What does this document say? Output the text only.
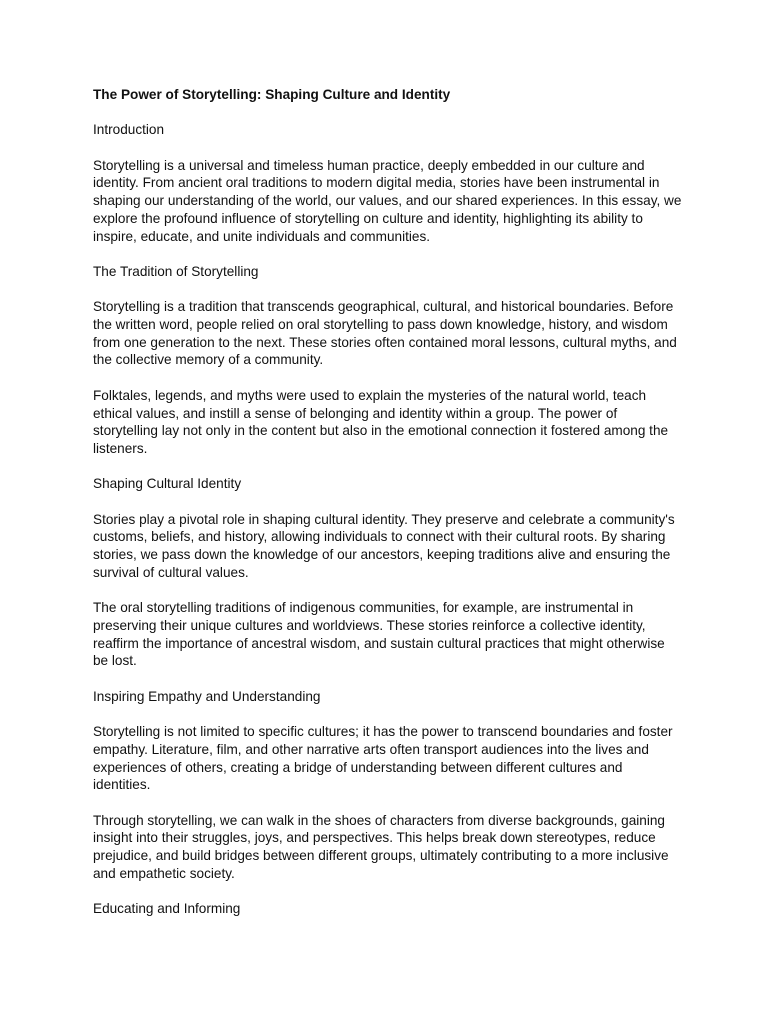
The Power of Storytelling: Shaping Culture and Identity

Introduction

Storytelling is a universal and timeless human practice, deeply embedded in our culture and identity. From ancient oral traditions to modern digital media, stories have been instrumental in shaping our understanding of the world, our values, and our shared experiences. In this essay, we explore the profound influence of storytelling on culture and identity, highlighting its ability to inspire, educate, and unite individuals and communities.

The Tradition of Storytelling

Storytelling is a tradition that transcends geographical, cultural, and historical boundaries. Before the written word, people relied on oral storytelling to pass down knowledge, history, and wisdom from one generation to the next. These stories often contained moral lessons, cultural myths, and the collective memory of a community.

Folktales, legends, and myths were used to explain the mysteries of the natural world, teach ethical values, and instill a sense of belonging and identity within a group. The power of storytelling lay not only in the content but also in the emotional connection it fostered among the listeners.

Shaping Cultural Identity

Stories play a pivotal role in shaping cultural identity. They preserve and celebrate a community's customs, beliefs, and history, allowing individuals to connect with their cultural roots. By sharing stories, we pass down the knowledge of our ancestors, keeping traditions alive and ensuring the survival of cultural values.

The oral storytelling traditions of indigenous communities, for example, are instrumental in preserving their unique cultures and worldviews. These stories reinforce a collective identity, reaffirm the importance of ancestral wisdom, and sustain cultural practices that might otherwise be lost.

Inspiring Empathy and Understanding

Storytelling is not limited to specific cultures; it has the power to transcend boundaries and foster empathy. Literature, film, and other narrative arts often transport audiences into the lives and experiences of others, creating a bridge of understanding between different cultures and identities.

Through storytelling, we can walk in the shoes of characters from diverse backgrounds, gaining insight into their struggles, joys, and perspectives. This helps break down stereotypes, reduce prejudice, and build bridges between different groups, ultimately contributing to a more inclusive and empathetic society.

Educating and Informing
